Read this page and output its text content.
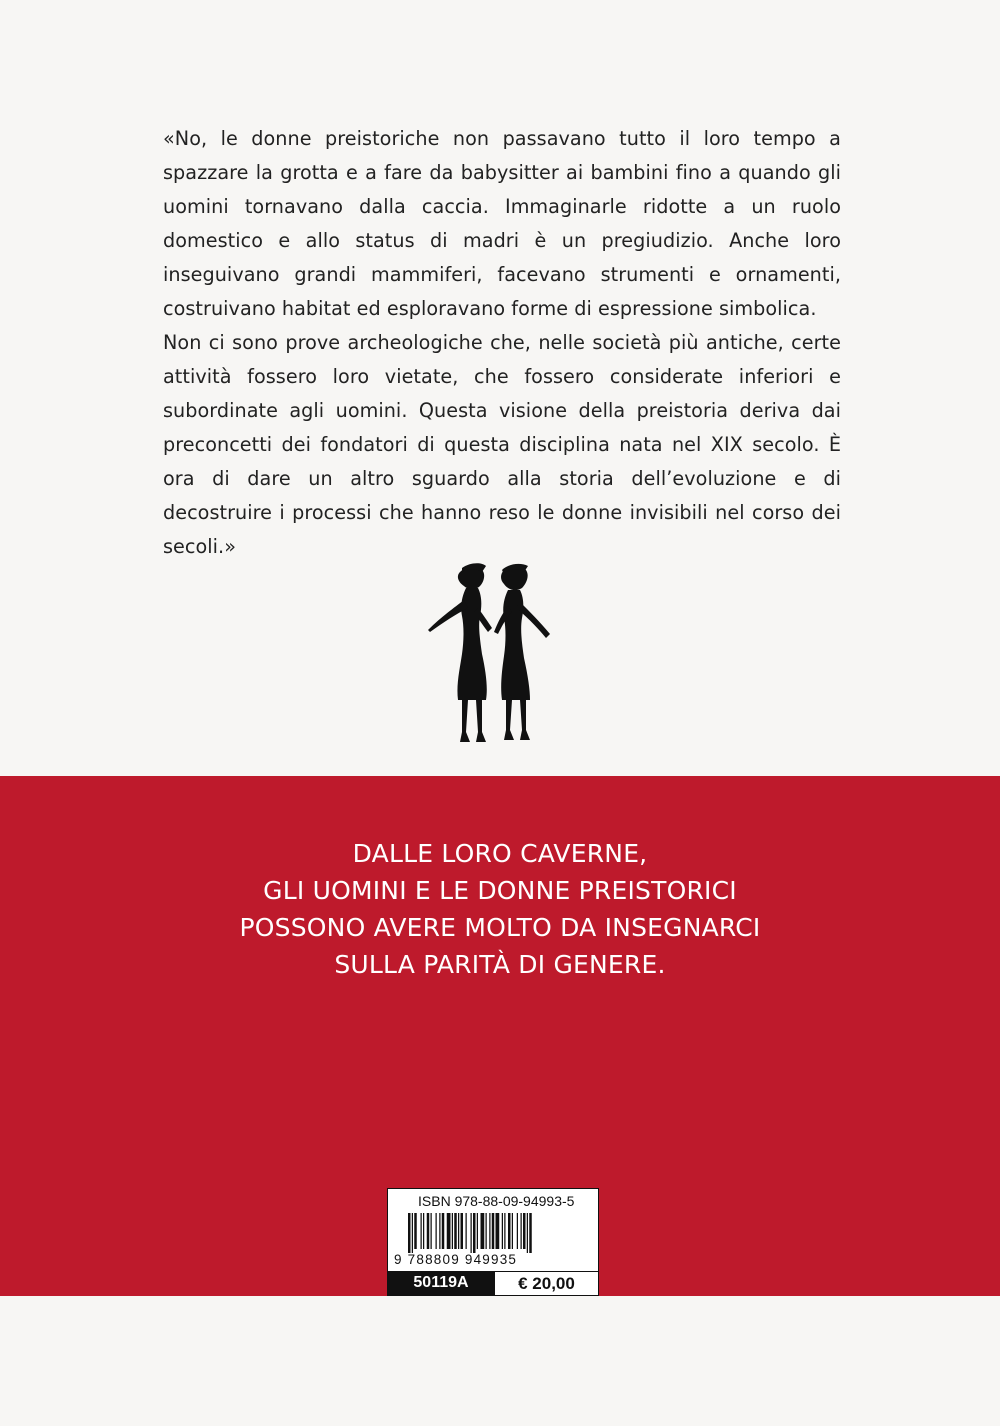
«No, le donne preistoriche non passavano tutto il loro tempo a spazzare la grotta e a fare da babysitter ai bambini fino a quando gli uomini tornavano dalla caccia. Immaginarle ridotte a un ruolo domestico e allo status di madri è un pregiudizio. Anche loro inseguivano grandi mammiferi, facevano strumenti e ornamenti, costruivano habitat ed esploravano forme di espressione simbolica.

Non ci sono prove archeologiche che, nelle società più antiche, certe attività fossero loro vietate, che fossero considerate inferiori e subordinate agli uomini. Questa visione della preistoria deriva dai preconcetti dei fondatori di questa disciplina nata nel XIX secolo. È ora di dare un altro sguardo alla storia dell’evoluzione e di decostruire i processi che hanno reso le donne invisibili nel corso dei secoli.»

DALLE LORO CAVERNE,
GLI UOMINI E LE DONNE PREISTORICI
POSSONO AVERE MOLTO DA INSEGNARCI
SULLA PARITÀ DI GENERE.
ISBN 978-88-09-94993-5
9 788809 949935
50119A	€ 20,00
